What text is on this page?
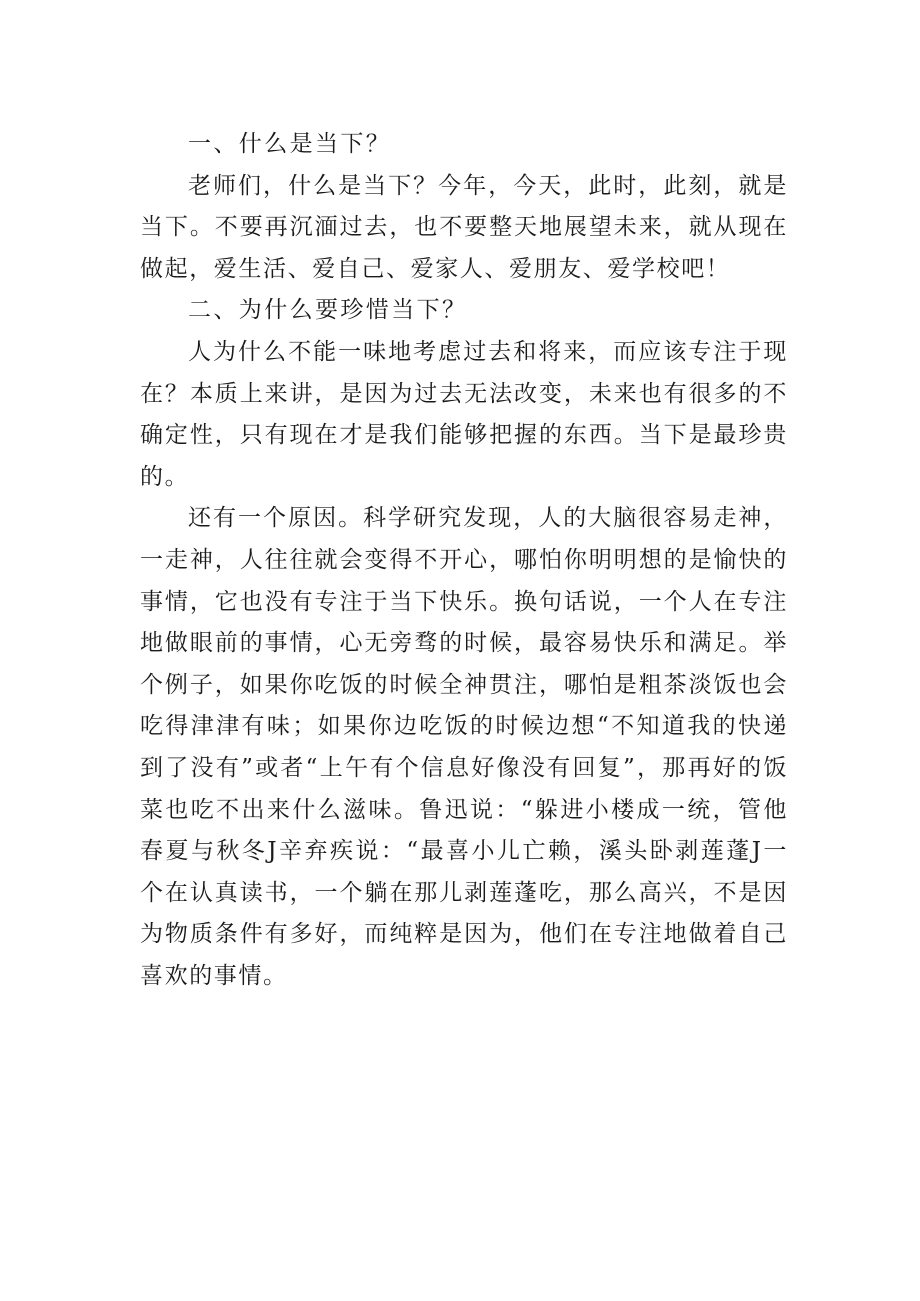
一、什么是当下？

老师们，什么是当下？今年，今天，此时，此刻，就是当下。不要再沉湎过去，也不要整天地展望未来，就从现在做起，爱生活、爱自己、爱家人、爱朋友、爱学校吧！

二、为什么要珍惜当下？

人为什么不能一味地考虑过去和将来，而应该专注于现在？本质上来讲，是因为过去无法改变，未来也有很多的不确定性，只有现在才是我们能够把握的东西。当下是最珍贵的。

还有一个原因。科学研究发现，人的大脑很容易走神，一走神，人往往就会变得不开心，哪怕你明明想的是愉快的事情，它也没有专注于当下快乐。换句话说，一个人在专注地做眼前的事情，心无旁骛的时候，最容易快乐和满足。举个例子，如果你吃饭的时候全神贯注，哪怕是粗茶淡饭也会吃得津津有味；如果你边吃饭的时候边想“不知道我的快递到了没有”或者“上午有个信息好像没有回复”，那再好的饭菜也吃不出来什么滋味。鲁迅说：“躲进小楼成一统，管他春夏与秋冬J辛弃疾说：“最喜小儿亡赖，溪头卧剥莲蓬J一个在认真读书，一个躺在那儿剥莲蓬吃，那么高兴，不是因为物质条件有多好，而纯粹是因为，他们在专注地做着自己喜欢的事情。
